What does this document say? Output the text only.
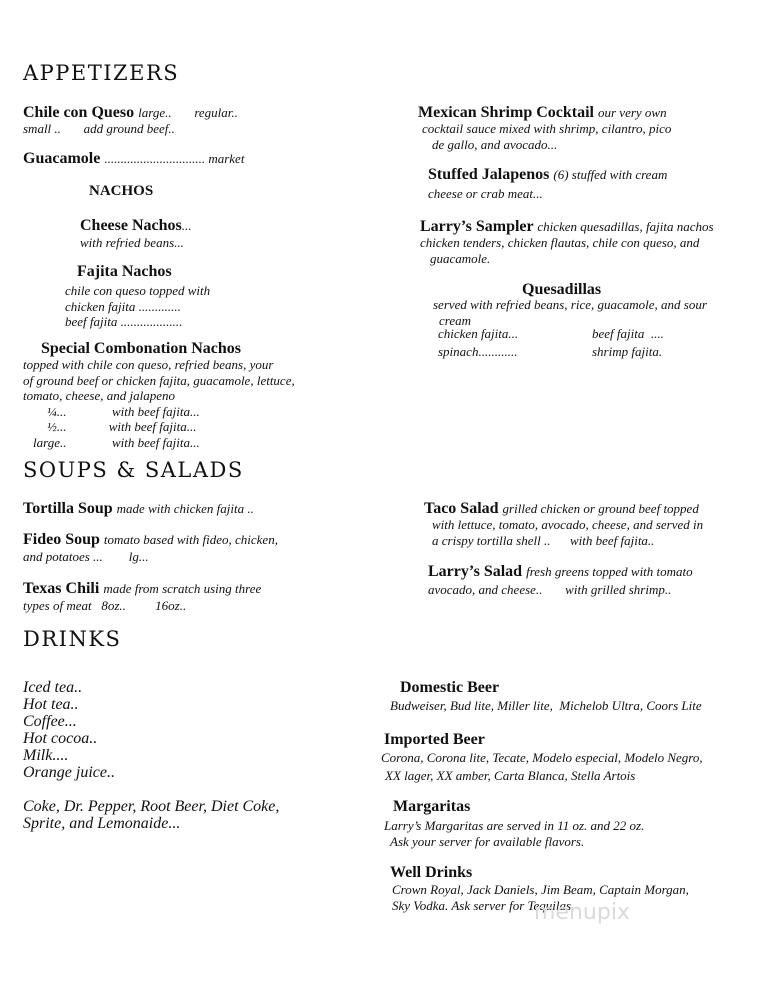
APPETIZERS
SOUPS & SALADS
DRINKS
Chile con Queso large..       regular..
small ..       add ground beef..
Guacamole ............................... market
NACHOS
Cheese Nachos...
with refried beans...
Fajita Nachos
chile con queso topped with
chicken fajita .............
beef fajita ...................
Special Combonation Nachos
topped with chile con queso, refried beans, your
of ground beef or chicken fajita, guacamole, lettuce,
tomato, cheese, and jalapeno
¼...              with beef fajita...
½...             with beef fajita...
large..              with beef fajita...
Mexican Shrimp Cocktail our very own
cocktail sauce mixed with shrimp, cilantro, pico
de gallo, and avocado...
Stuffed Jalapenos (6) stuffed with cream
cheese or crab meat...
Larry’s Sampler chicken quesadillas, fajita nachos
chicken tenders, chicken flautas, chile con queso, and
guacamole.
Quesadillas
served with refried beans, rice, guacamole, and sour
cream
chicken fajita...	beef fajita  ....
spinach............	shrimp fajita.
Tortilla Soup made with chicken fajita ..
Fideo Soup tomato based with fideo, chicken,
and potatoes ...        lg...
Texas Chili made from scratch using three
types of meat   8oz..         16oz..
Taco Salad grilled chicken or ground beef topped
with lettuce, tomato, avocado, cheese, and served in
a crispy tortilla shell ..      with beef fajita..
Larry’s Salad fresh greens topped with tomato
avocado, and cheese..       with grilled shrimp..
Iced tea..
Hot tea..
Coffee...
Hot cocoa..
Milk....
Orange juice..
Coke, Dr. Pepper, Root Beer, Diet Coke,
Sprite, and Lemonaide...
Domestic Beer
Budweiser, Bud lite, Miller lite,  Michelob Ultra, Coors Lite
Imported Beer
Corona, Corona lite, Tecate, Modelo especial, Modelo Negro,
XX lager, XX amber, Carta Blanca, Stella Artois
Margaritas
Larry’s Margaritas are served in 11 oz. and 22 oz.
Ask your server for available flavors.
Well Drinks
Crown Royal, Jack Daniels, Jim Beam, Captain Morgan,
Sky Vodka. Ask server for Tequilas
menupix
